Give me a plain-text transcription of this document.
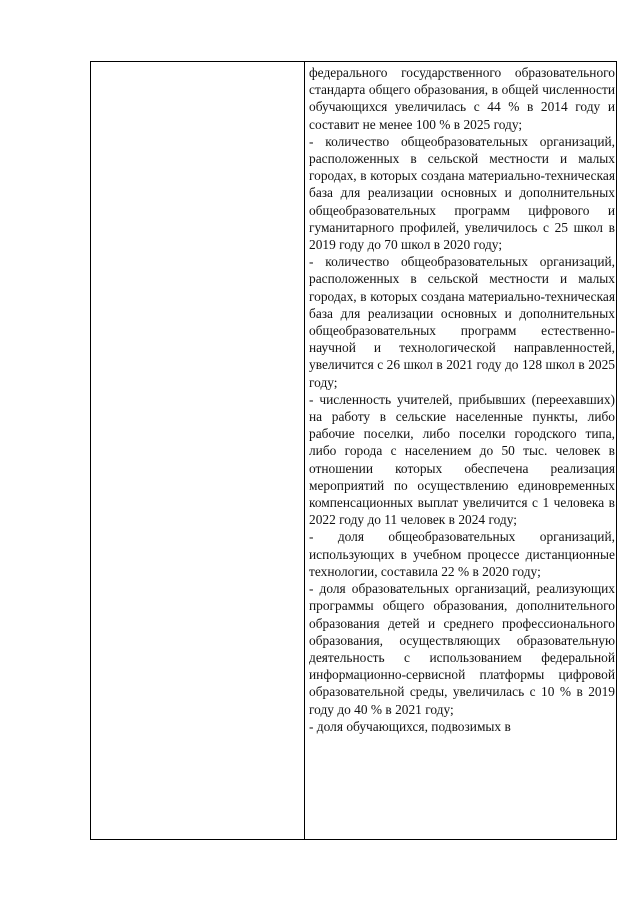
федерального государственного образовательного стандарта общего образования, в общей численности обучающихся увеличилась с 44 % в 2014 году и составит не менее 100 % в 2025 году;

- количество общеобразовательных организаций, расположенных в сельской местности и малых городах, в которых создана материально-техническая база для реализации основных и дополнительных общеобразовательных программ цифрового и гуманитарного профилей, увеличилось с 25 школ в 2019 году до 70 школ в 2020 году;

- количество общеобразовательных организаций, расположенных в сельской местности и малых городах, в которых создана материально-техническая база для реализации основных и дополнительных общеобразовательных программ естественно-научной и технологической направленностей, увеличится с 26 школ в 2021 году до 128 школ в 2025 году;

- численность учителей, прибывших (переехавших) на работу в сельские населенные пункты, либо рабочие поселки, либо поселки городского типа, либо города с населением до 50 тыс. человек в отношении которых обеспечена реализация мероприятий по осуществлению единовременных компенсационных выплат увеличится с 1 человека в 2022 году до 11 человек в 2024 году;

- доля общеобразовательных организаций, использующих в учебном процессе дистанционные технологии, составила 22 % в 2020 году;

- доля образовательных организаций, реализующих программы общего образования, дополнительного образования детей и среднего профессионального образования, осуществляющих образовательную деятельность с использованием федеральной информационно-сервисной платформы цифровой образовательной среды, увеличилась с 10 % в 2019 году до 40 % в 2021 году;

- доля обучающихся, подвозимых в
